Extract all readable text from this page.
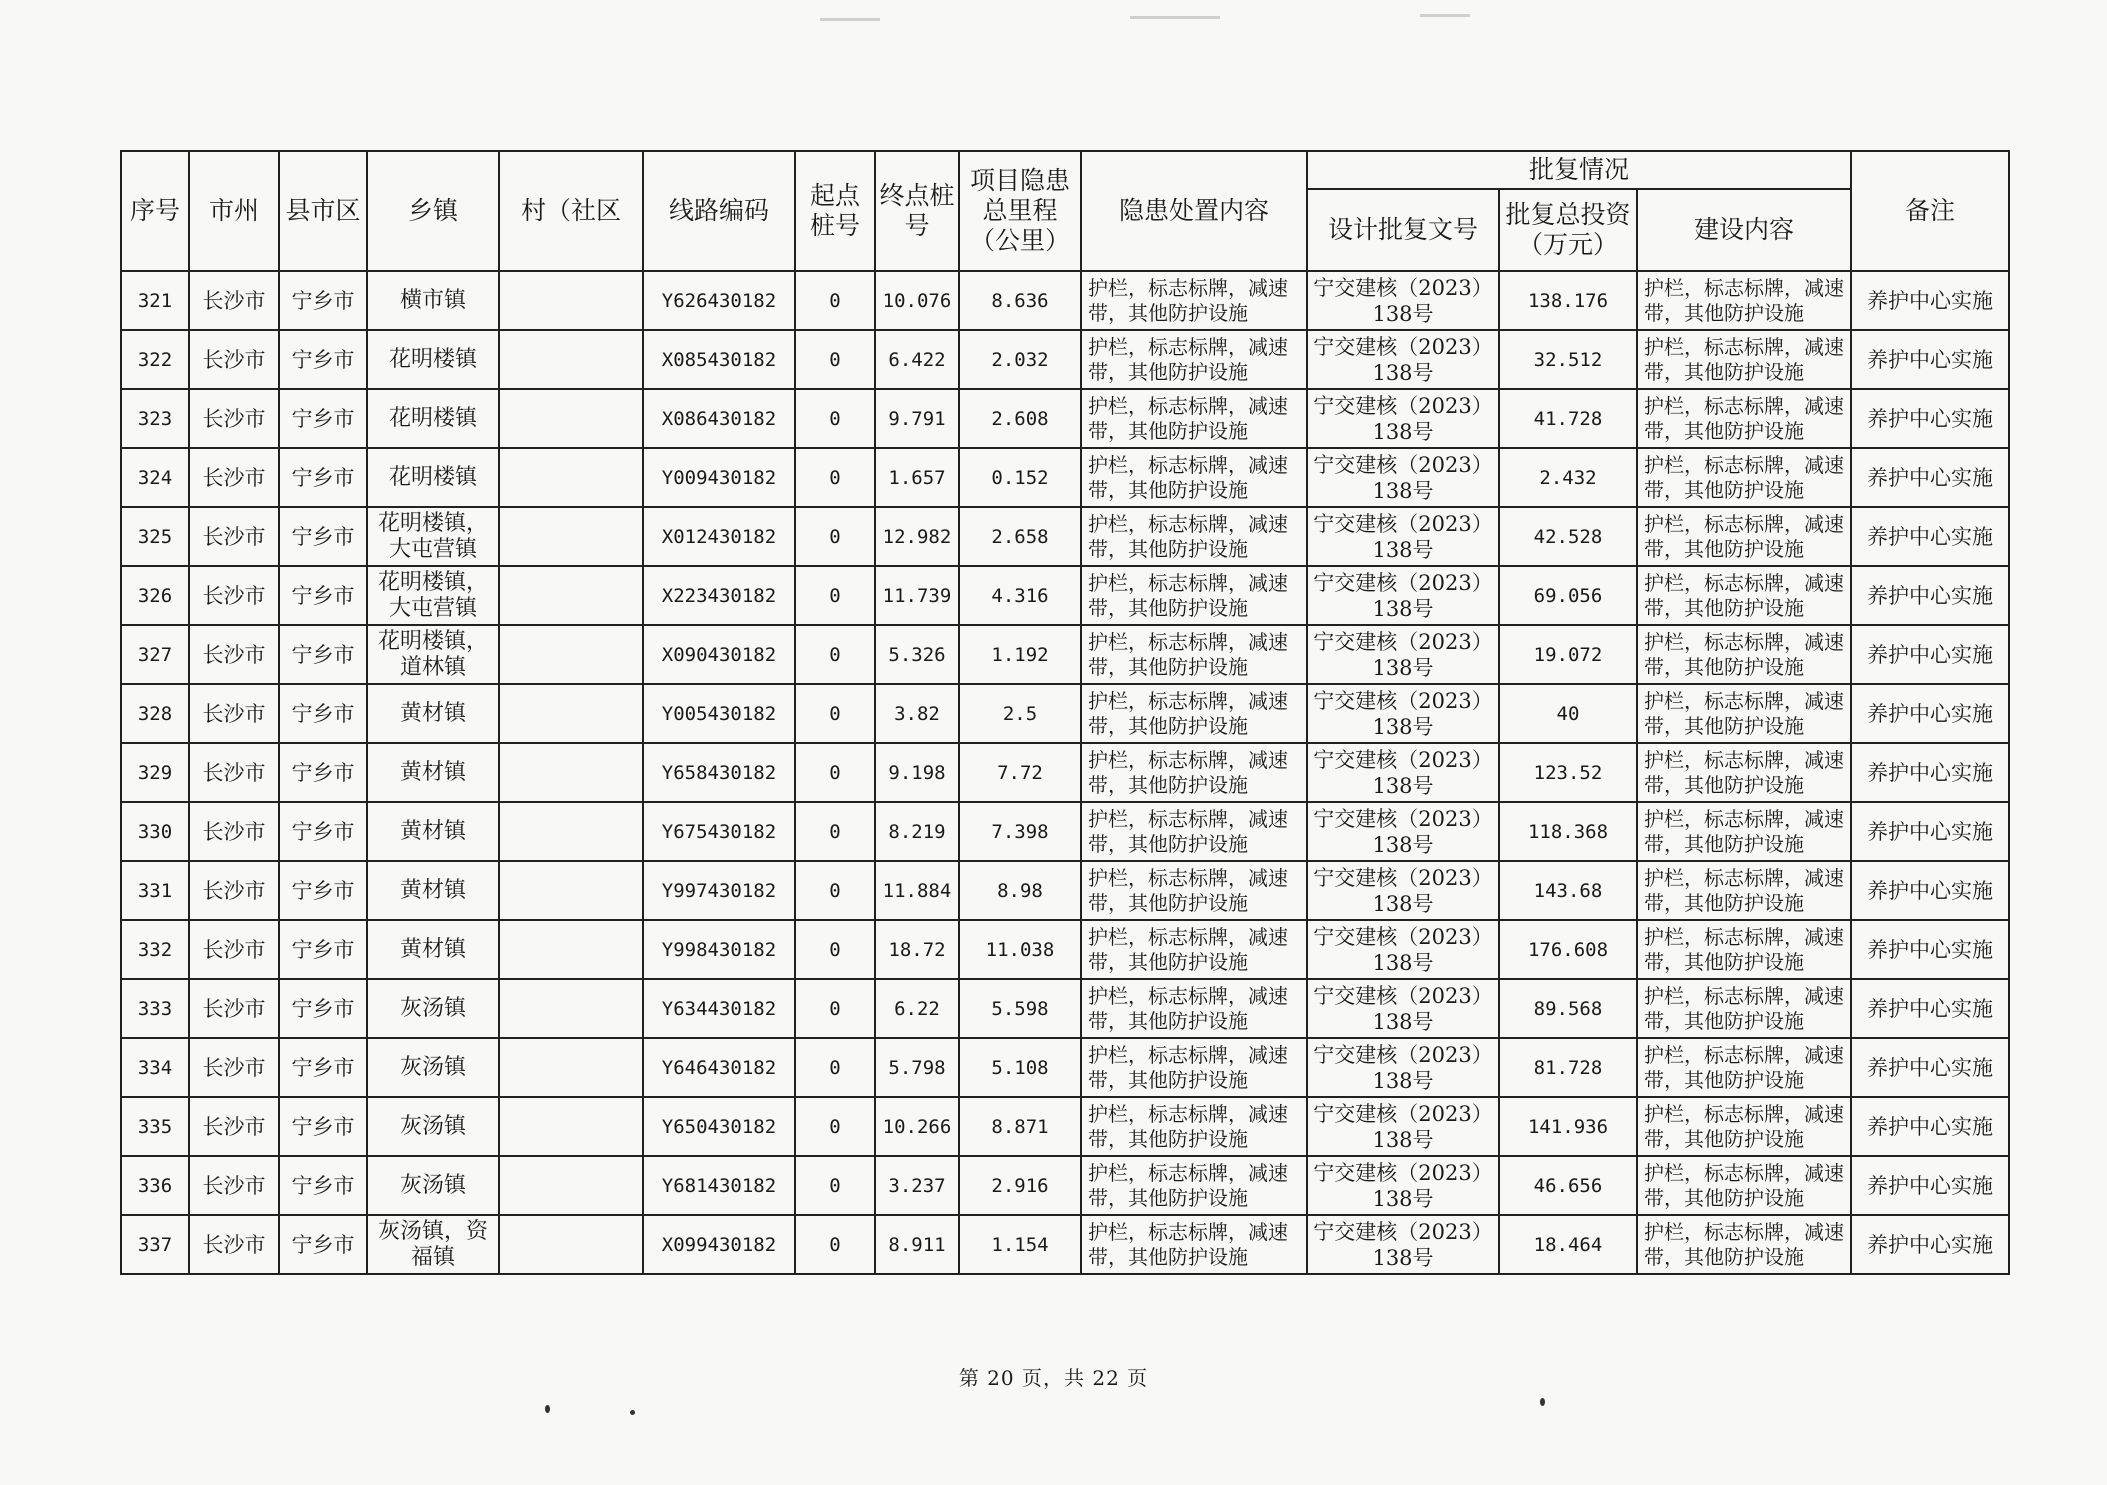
序号	市州	县市区	乡镇	村（社区	线路编码	起点桩号	终点桩号	项目隐患总里程（公里）	隐患处置内容	批复情况			备注
										设计批复文号	批复总投资（万元）	建设内容	
321	长沙市	宁乡市	横市镇		Y626430182	0	10.076	8.636	护栏，标志标牌，减速带，其他防护设施	宁交建核（2023）138号	138.176	护栏，标志标牌，减速带，其他防护设施	养护中心实施
322	长沙市	宁乡市	花明楼镇		X085430182	0	6.422	2.032	护栏，标志标牌，减速带，其他防护设施	宁交建核（2023）138号	32.512	护栏，标志标牌，减速带，其他防护设施	养护中心实施
323	长沙市	宁乡市	花明楼镇		X086430182	0	9.791	2.608	护栏，标志标牌，减速带，其他防护设施	宁交建核（2023）138号	41.728	护栏，标志标牌，减速带，其他防护设施	养护中心实施
324	长沙市	宁乡市	花明楼镇		Y009430182	0	1.657	0.152	护栏，标志标牌，减速带，其他防护设施	宁交建核（2023）138号	2.432	护栏，标志标牌，减速带，其他防护设施	养护中心实施
325	长沙市	宁乡市	花明楼镇，大屯营镇		X012430182	0	12.982	2.658	护栏，标志标牌，减速带，其他防护设施	宁交建核（2023）138号	42.528	护栏，标志标牌，减速带，其他防护设施	养护中心实施
326	长沙市	宁乡市	花明楼镇，大屯营镇		X223430182	0	11.739	4.316	护栏，标志标牌，减速带，其他防护设施	宁交建核（2023）138号	69.056	护栏，标志标牌，减速带，其他防护设施	养护中心实施
327	长沙市	宁乡市	花明楼镇，道林镇		X090430182	0	5.326	1.192	护栏，标志标牌，减速带，其他防护设施	宁交建核（2023）138号	19.072	护栏，标志标牌，减速带，其他防护设施	养护中心实施
328	长沙市	宁乡市	黄材镇		Y005430182	0	3.82	2.5	护栏，标志标牌，减速带，其他防护设施	宁交建核（2023）138号	40	护栏，标志标牌，减速带，其他防护设施	养护中心实施
329	长沙市	宁乡市	黄材镇		Y658430182	0	9.198	7.72	护栏，标志标牌，减速带，其他防护设施	宁交建核（2023）138号	123.52	护栏，标志标牌，减速带，其他防护设施	养护中心实施
330	长沙市	宁乡市	黄材镇		Y675430182	0	8.219	7.398	护栏，标志标牌，减速带，其他防护设施	宁交建核（2023）138号	118.368	护栏，标志标牌，减速带，其他防护设施	养护中心实施
331	长沙市	宁乡市	黄材镇		Y997430182	0	11.884	8.98	护栏，标志标牌，减速带，其他防护设施	宁交建核（2023）138号	143.68	护栏，标志标牌，减速带，其他防护设施	养护中心实施
332	长沙市	宁乡市	黄材镇		Y998430182	0	18.72	11.038	护栏，标志标牌，减速带，其他防护设施	宁交建核（2023）138号	176.608	护栏，标志标牌，减速带，其他防护设施	养护中心实施
333	长沙市	宁乡市	灰汤镇		Y634430182	0	6.22	5.598	护栏，标志标牌，减速带，其他防护设施	宁交建核（2023）138号	89.568	护栏，标志标牌，减速带，其他防护设施	养护中心实施
334	长沙市	宁乡市	灰汤镇		Y646430182	0	5.798	5.108	护栏，标志标牌，减速带，其他防护设施	宁交建核（2023）138号	81.728	护栏，标志标牌，减速带，其他防护设施	养护中心实施
335	长沙市	宁乡市	灰汤镇		Y650430182	0	10.266	8.871	护栏，标志标牌，减速带，其他防护设施	宁交建核（2023）138号	141.936	护栏，标志标牌，减速带，其他防护设施	养护中心实施
336	长沙市	宁乡市	灰汤镇		Y681430182	0	3.237	2.916	护栏，标志标牌，减速带，其他防护设施	宁交建核（2023）138号	46.656	护栏，标志标牌，减速带，其他防护设施	养护中心实施
337	长沙市	宁乡市	灰汤镇，资福镇		X099430182	0	8.911	1.154	护栏，标志标牌，减速带，其他防护设施	宁交建核（2023）138号	18.464	护栏，标志标牌，减速带，其他防护设施	养护中心实施
第 20 页，共 22 页
